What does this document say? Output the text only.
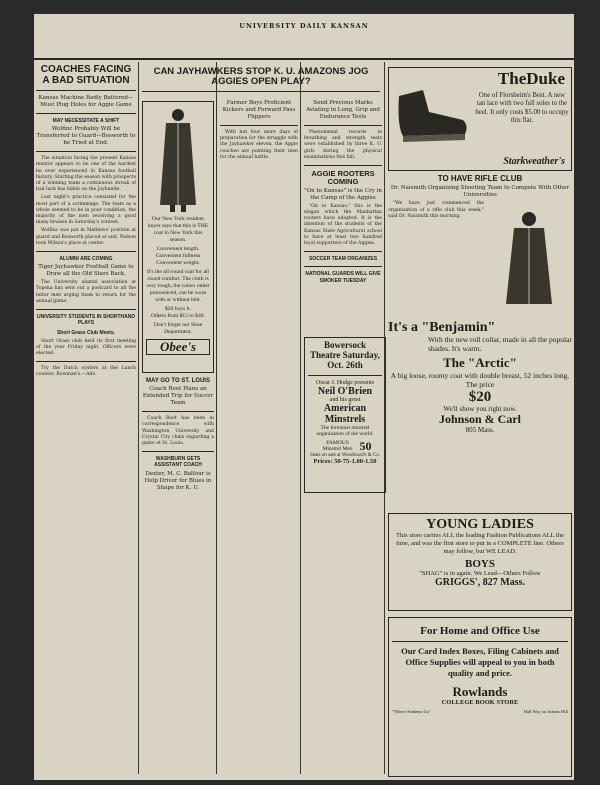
UNIVERSITY DAILY KANSAN
COACHES FACING A BAD SITUATION
Kansas Machine Badly Battered—Must Plug Holes for Aggie Game
MAY NECESSITATE A SHIFT
Wolfinc Probably Will be Transferred to Guard—Bosworth to be Tried at End.
The situation facing the present Kansas mentor appears to be one of the hardest he ever experienced in Kansas football history. Starting the season with prospects of a winning team a continuous streak of bad luck has fallen on the Jayhawks.
Last night's practice consisted for the most part of a scrimmage. The team as a whole seemed to be in poor condition, the majority of the men receiving a good many bruises in Saturday's contest.
Wolfinc was put in Mathews' position at guard and Bosworth placed at end. Nelson took Wilson's place at center.
ALUMNI ARE COMING
Tiger Jayhawker Football Game to Draw all the Old Stars Back.
The University alumni association at Topeka has sent out a postcard to all the letter men urging them to return for the annual game.
UNIVERSITY STUDENTS IN SHORTHAND PLAYS
Short Grass Club Meets.
Short Grass club held its first meeting of the year Friday night. Officers were elected.
Try the Dutch oysters at the Lunch counter, Bowman's.—Adv.
CAN JAYHAWKERS STOP K. U. AMAZONS JOG AGGIES OPEN PLAY?
Our New York resident buyer says that this is THE coat in New York this season.
Convenient length.
Convenient fullness
Convenient weight.
It's the all round coat for all round comfort. The cloth is very rough, the colors rather pronounced, can be worn with or without belt.
$20 buys it.
Others from $15 to $40.
Don't forget our Shoe Department.
Obee's
MAY GO TO ST. LOUIS
Coach Root Plans an Extended Trip for Soccer Team
Coach Root has been in correspondence with Washington University and Crystal City clubs regarding a game at St. Louis.
WASHBURN GETS ASSISTANT COACH
Dexter, M. C. Balfour is Help Driver for Blues in Shape for K. U.
Farmer Boys Proficient Kickers and Forward Pass Flippers
With but four more days of preparation for the struggle with the Jayhawker eleven, the Aggie coaches are pointing their men for the annual battle.
Send Previous Marks Aviating in Lung, Grip and Endurance Tests
Phenomenal records in breathing and strength tests were established by three K. U. girls during the physical examinations this fall.
AGGIE ROOTERS COMING
"On to Kansas" is the Cry in the Camp of the Aggies
"On to Kansas," this is the slogan which the Manhattan rooters have adopted. It is the intention of the students of the Kansas State Agricultural school to have at least two hundred loyal supporters of the Aggies.
SOCCER TEAM ORGANIZES
NATIONAL GUARDS WILL GIVE SMOKER TUESDAY
TheDuke
One of Florsheim's Best. A new tan lace with two full soles to the heel. It only costs $5.00 to occupy this flat.
Starkweather's
TO HAVE RIFLE CLUB
Dr. Naismith Organizing Shooting Team to Compete With Other Universities
"We have just commenced the organization of a rifle club this week," said Dr. Naismith this morning.
It's a "Benjamin"
With the new roll collar, made in all the popular shades. It's warm.
The "Arctic"
A big loose, roomy coat with double breast, 52 inches long. The price
$20
We'll show you right now.
Johnson & Carl
805 Mass.
Bowersock Theatre Saturday, Oct. 26th
Oscar J. Hodge presents
Neil O'Brien
and his great
American Minstrels
The foremost minstrel organization of the world.
FAMOUS Minstrel Men 50
Seats on sale at Woodward's & Co.
Prices: 50-75-1.00-1.50
YOUNG LADIES
This store carries ALL the leading Fashion Publications ALL the time, and was the first store to put in a COMPLETE line. Others may follow, but WE LEAD.
BOYS
"SHAG" is in again. We Lead—Others Follow
GRIGGS', 827 Mass.
For Home and Office Use
Our Card Index Boxes, Filing Cabinets and Office Supplies will appeal to you in both quality and price.
Rowlands
COLLEGE BOOK STORE
"Where Students Go"	Hall Way on Adams Hill
